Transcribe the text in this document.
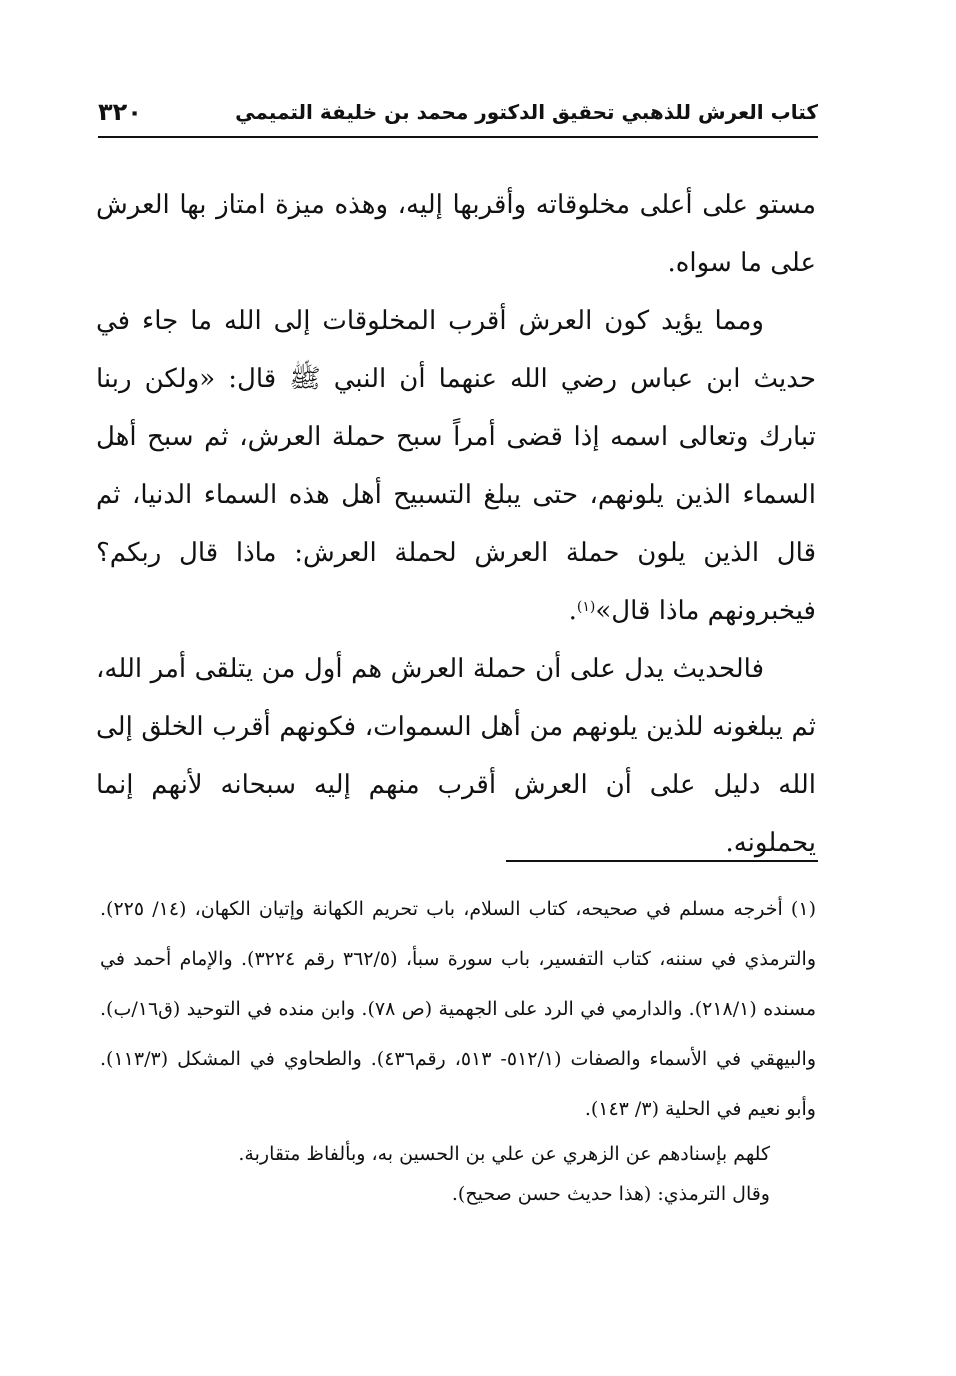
كتاب العرش للذهبي تحقيق الدكتور محمد بن خليفة التميمي
٣٢٠

مستو على أعلى مخلوقاته وأقربها إليه، وهذه ميزة امتاز بها العرش على ما سواه.

ومما يؤيد كون العرش أقرب المخلوقات إلى الله ما جاء في حديث ابن عباس رضي الله عنهما أن النبي ﷺ قال: «ولكن ربنا تبارك وتعالى اسمه إذا قضى أمراً سبح حملة العرش، ثم سبح أهل السماء الذين يلونهم، حتى يبلغ التسبيح أهل هذه السماء الدنيا، ثم قال الذين يلون حملة العرش لحملة العرش: ماذا قال ربكم؟ فيخبرونهم ماذا قال»$^{(١)}$.

فالحديث يدل على أن حملة العرش هم أول من يتلقى أمر الله، ثم يبلغونه للذين يلونهم من أهل السموات، فكونهم أقرب الخلق إلى الله دليل على أن العرش أقرب منهم إليه سبحانه لأنهم إنما يحملونه.

(١) أخرجه مسلم في صحيحه، كتاب السلام، باب تحريم الكهانة وإتيان الكهان، (١٤/ ٢٢٥). والترمذي في سننه، كتاب التفسير، باب سورة سبأ، (٣٦٢/٥ رقم ٣٢٢٤). والإمام أحمد في مسنده (٢١٨/١). والدارمي في الرد على الجهمية (ص ٧٨). وابن منده في التوحيد (ق١٦/ب). والبيهقي في الأسماء والصفات (٥١٢/١- ٥١٣، رقم٤٣٦). والطحاوي في المشكل (١١٣/٣). وأبو نعيم في الحلية (٣/ ١٤٣).

كلهم بإسنادهم عن الزهري عن علي بن الحسين به، وبألفاظ متقاربة.

وقال الترمذي: (هذا حديث حسن صحيح).
